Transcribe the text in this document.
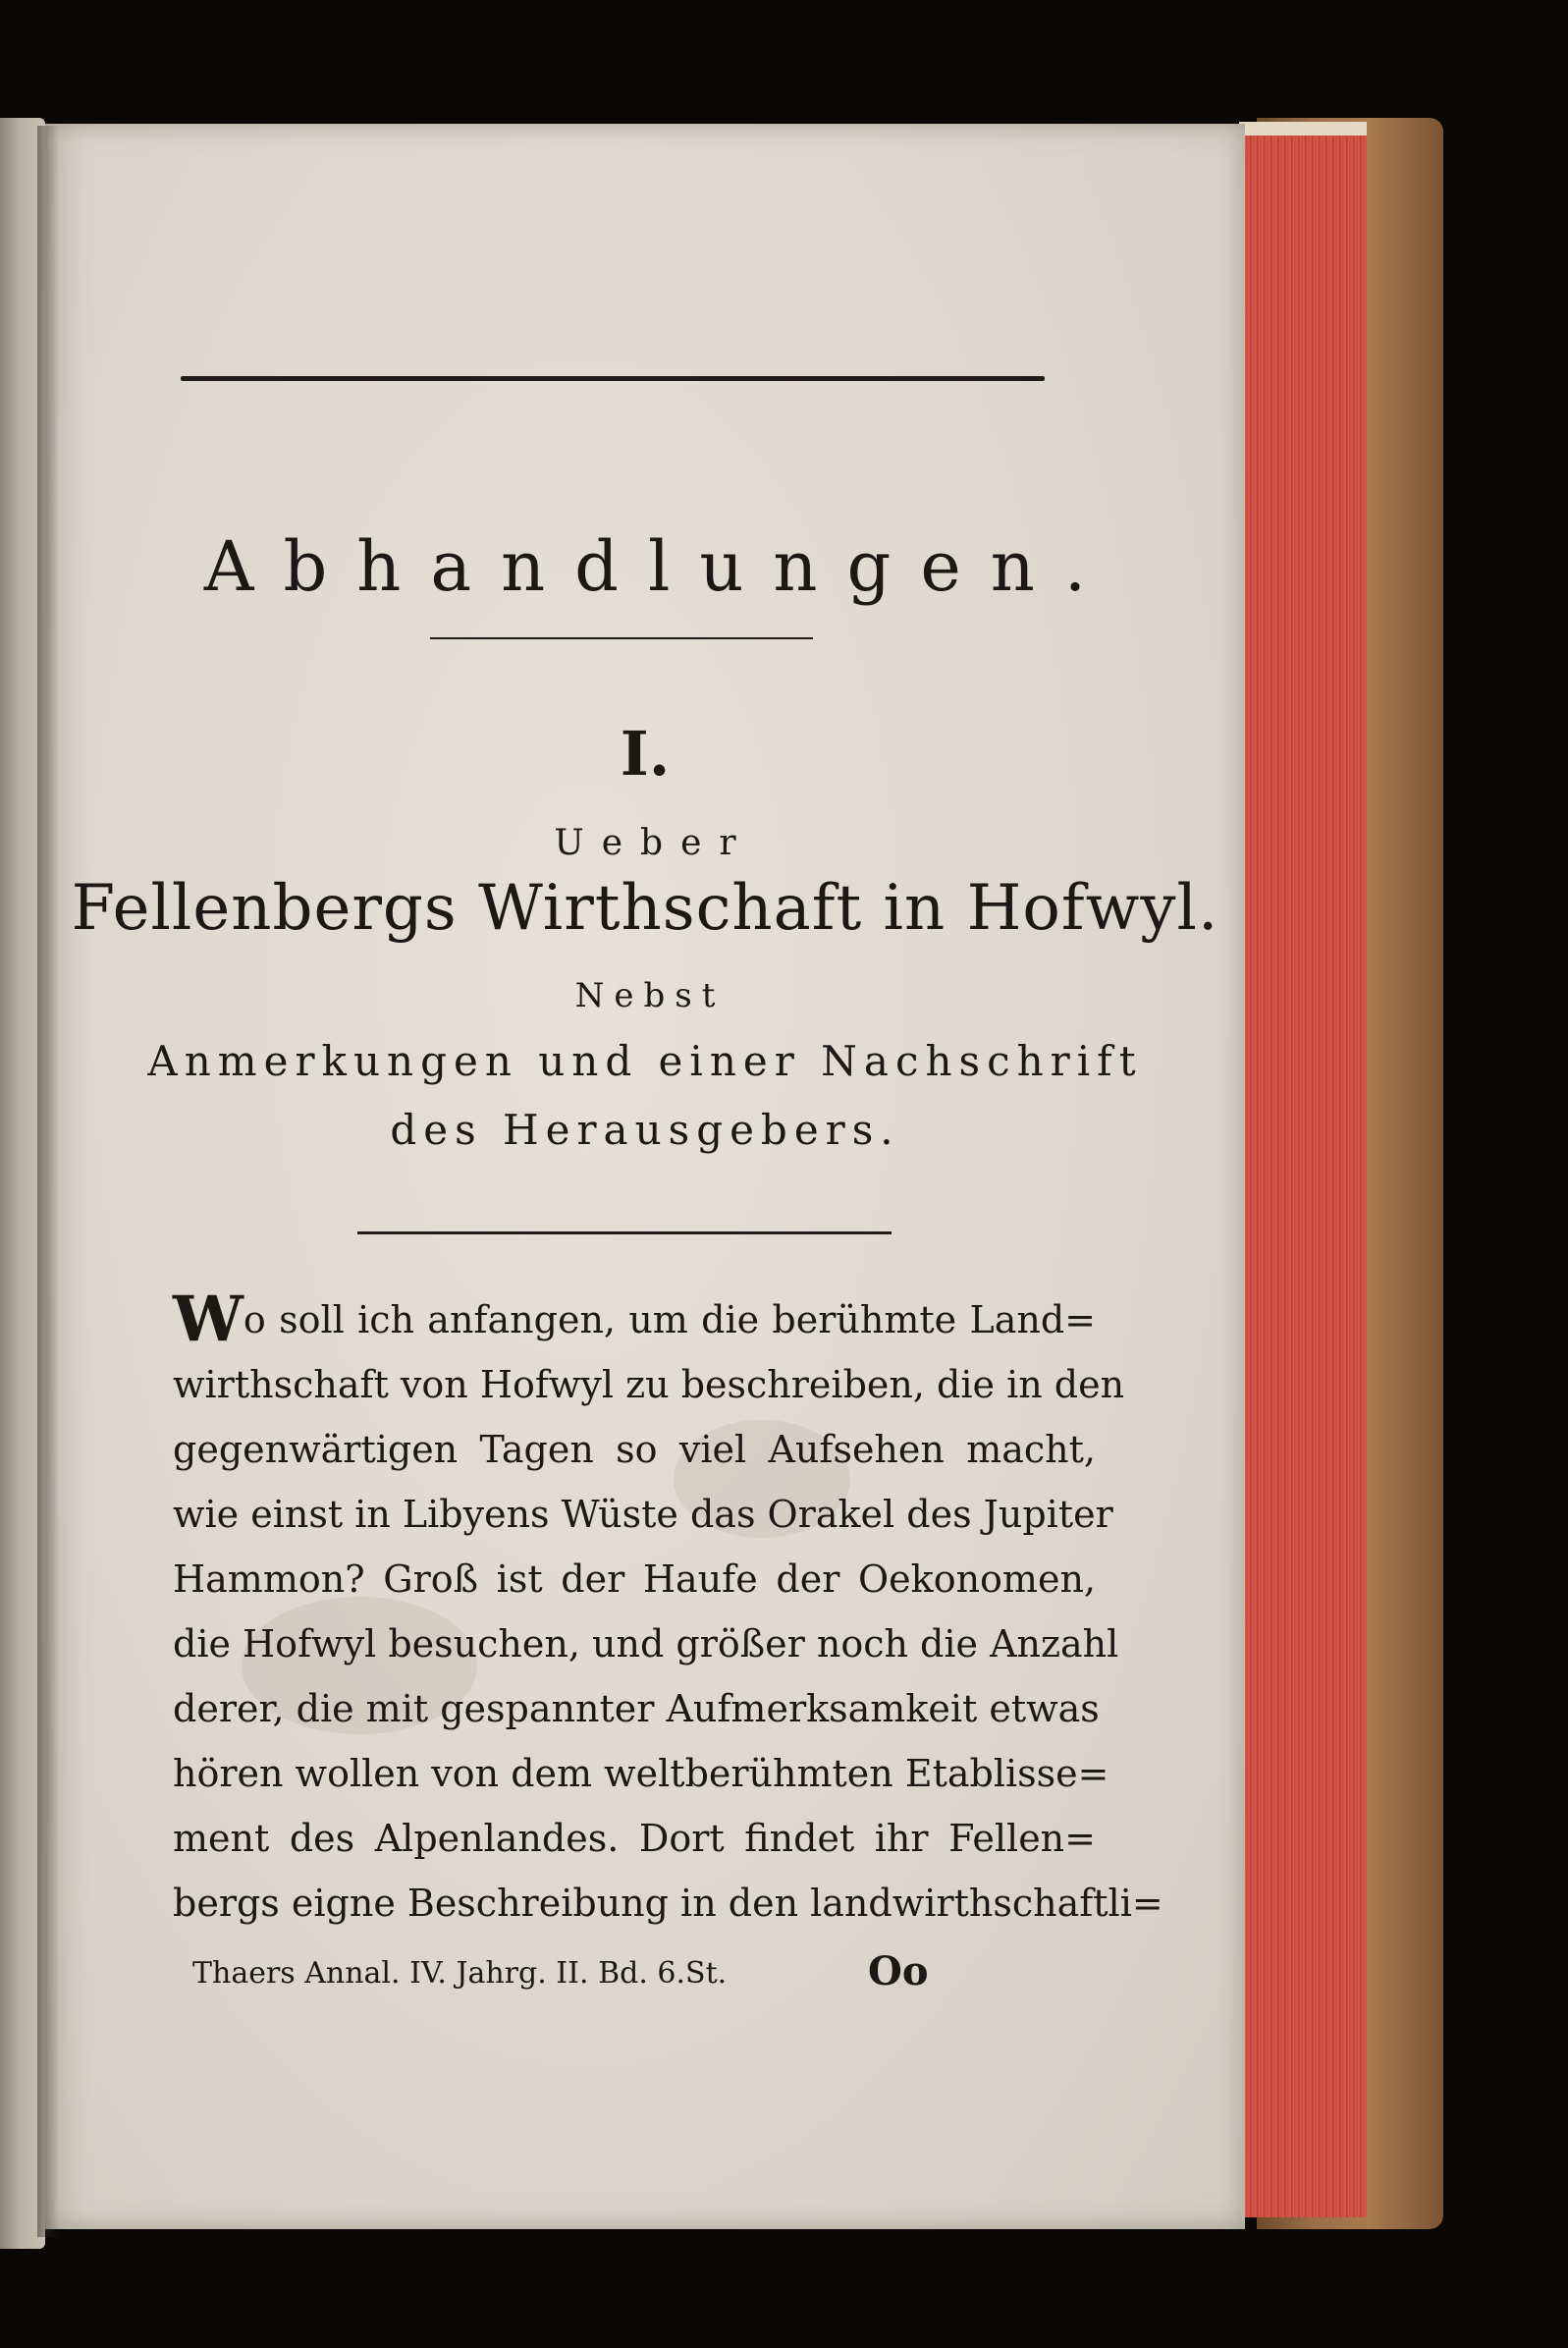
Abhandlungen.
I.
Ueber
Fellenbergs Wirthschaft in Hofwyl.
Nebst
Anmerkungen und einer Nachschrift
des Herausgebers.
Wo soll ich anfangen, um die berühmte Land=
wirthschaft von Hofwyl zu beschreiben, die in den
gegenwärtigen Tagen so viel Aufsehen macht,
wie einst in Libyens Wüste das Orakel des Jupiter
Hammon? Groß ist der Haufe der Oekonomen,
die Hofwyl besuchen, und größer noch die Anzahl
derer, die mit gespannter Aufmerksamkeit etwas
hören wollen von dem weltberühmten Etablisse=
ment des Alpenlandes. Dort findet ihr Fellen=
bergs eigne Beschreibung in den landwirthschaftli=
Thaers Annal. IV. Jahrg. II. Bd. 6.St.	Oo
